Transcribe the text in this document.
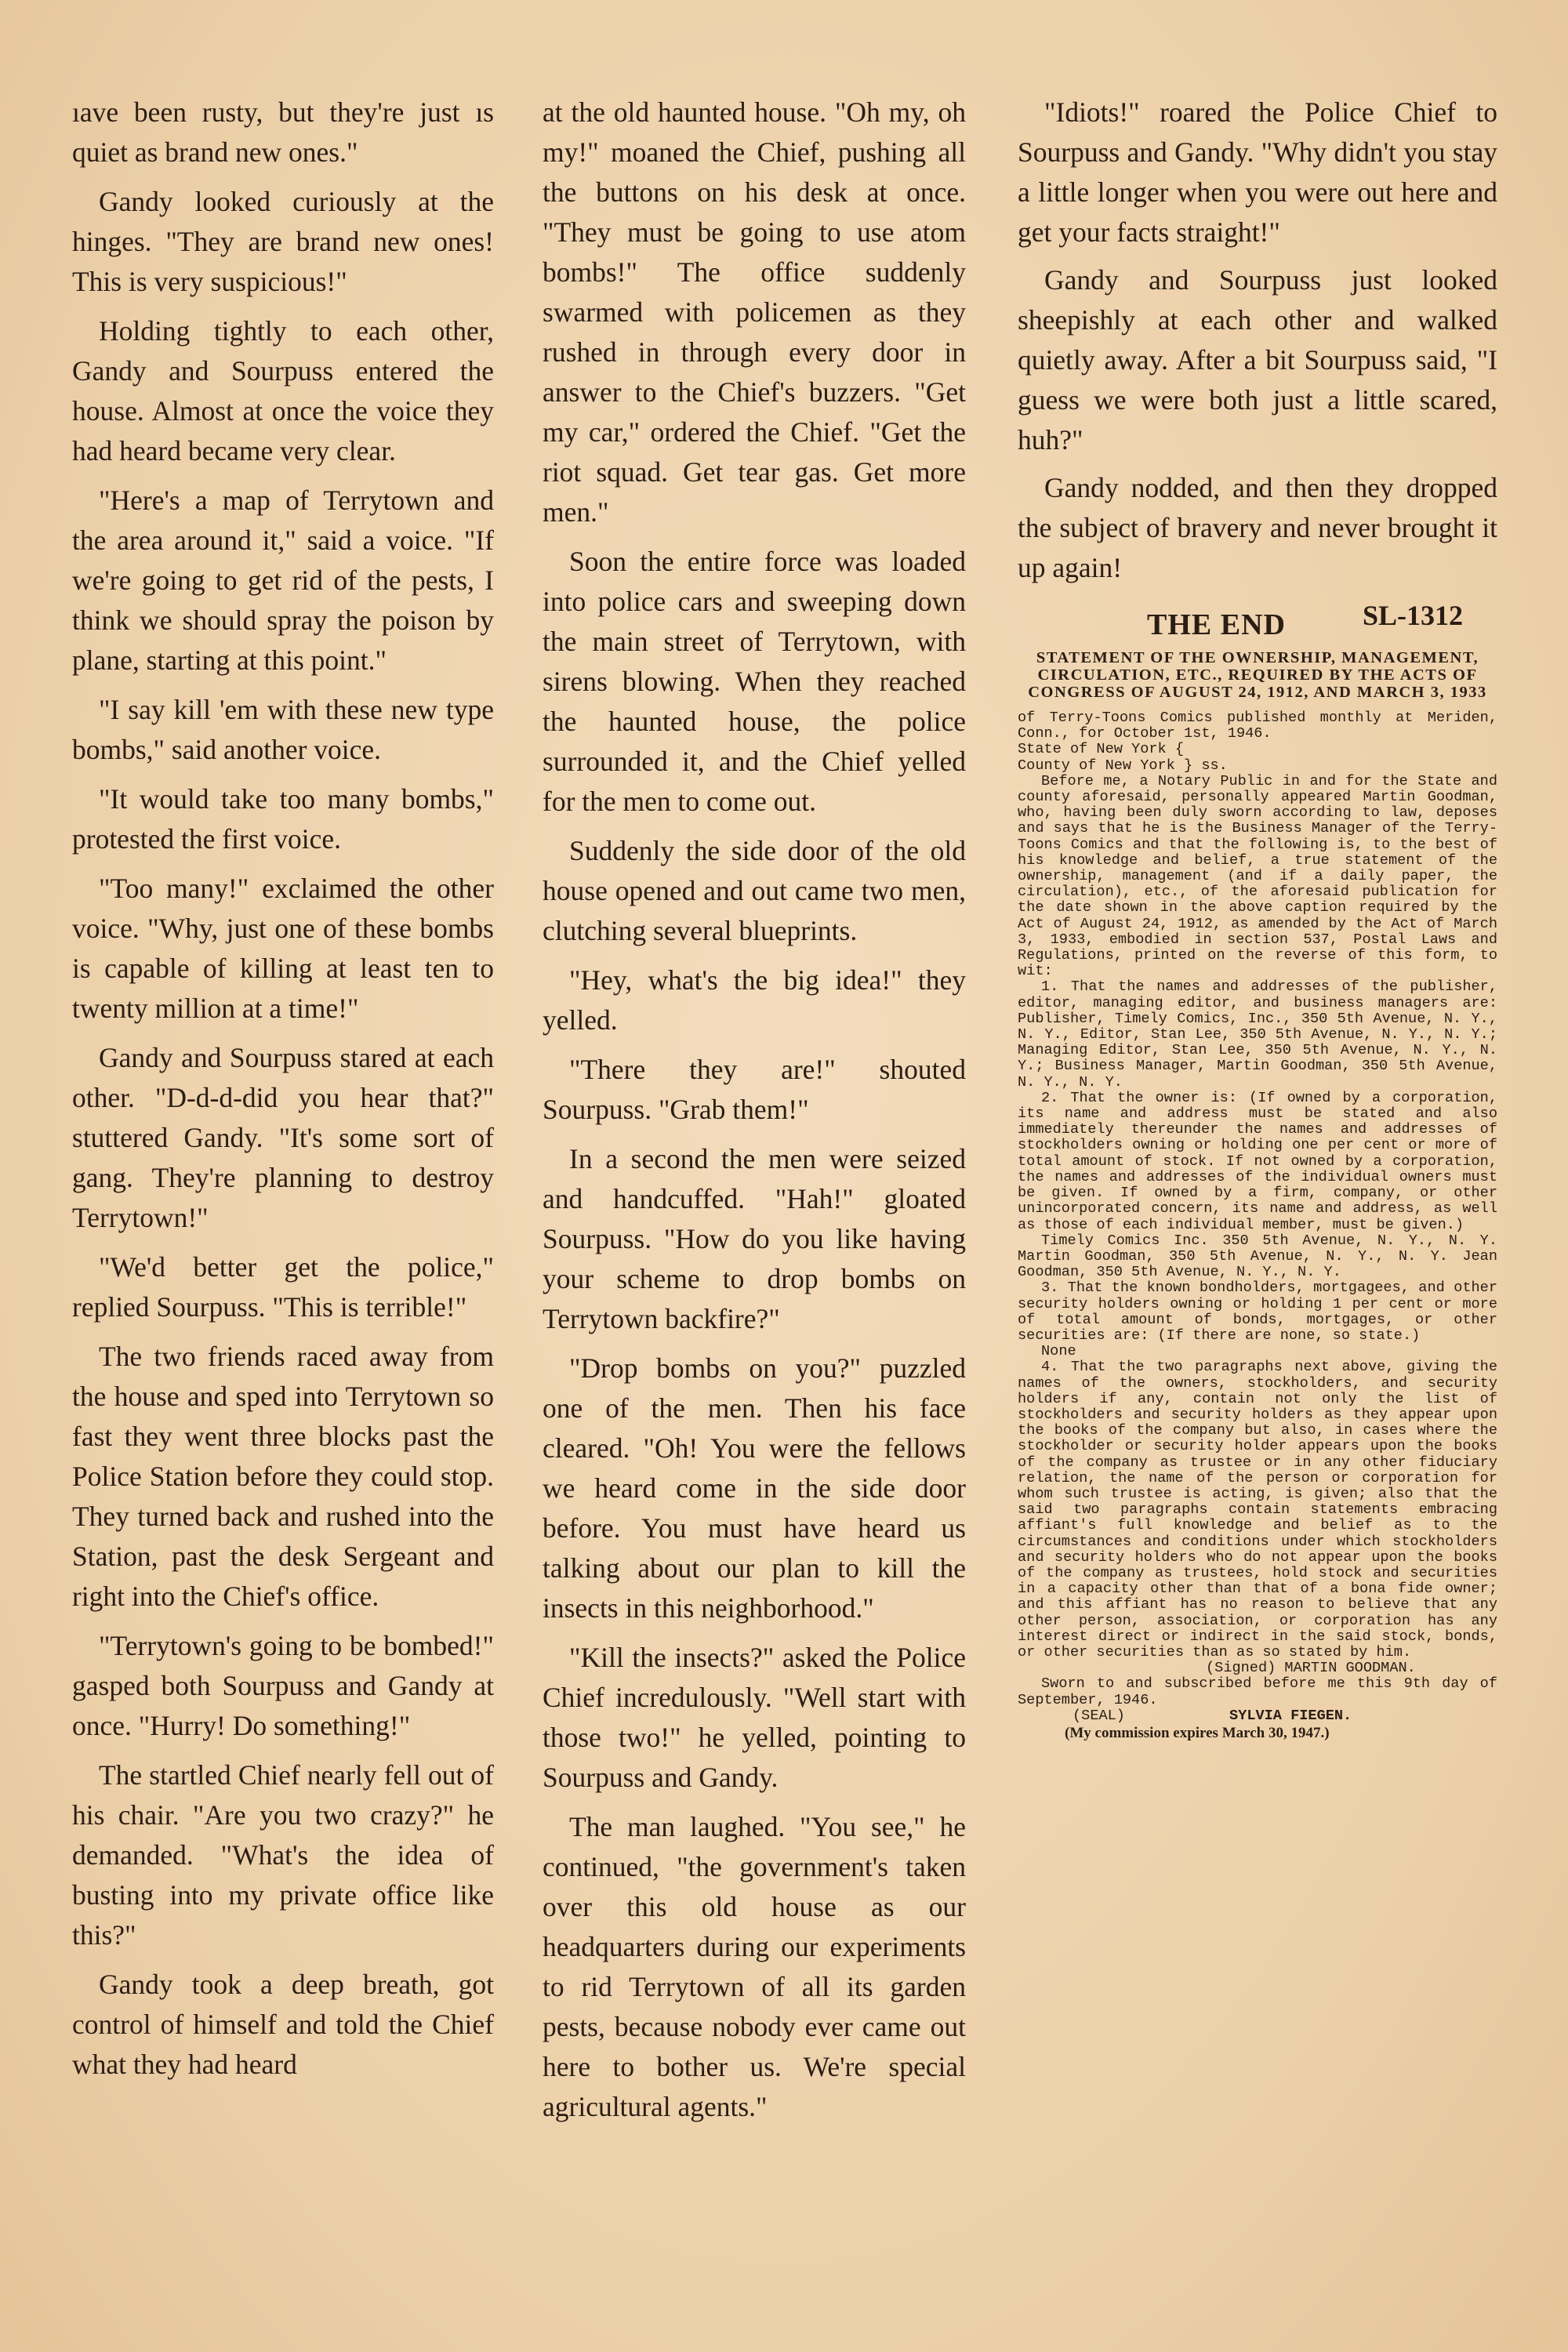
ıave been rusty, but they're just ıs quiet as brand new ones."

Gandy looked curiously at the hinges. "They are brand new ones! This is very suspicious!"

Holding tightly to each other, Gandy and Sourpuss entered the house. Almost at once the voice they had heard became very clear.

"Here's a map of Terrytown and the area around it," said a voice. "If we're going to get rid of the pests, I think we should spray the poison by plane, starting at this point."

"I say kill 'em with these new type bombs," said another voice.

"It would take too many bombs," protested the first voice.

"Too many!" exclaimed the other voice. "Why, just one of these bombs is capable of killing at least ten to twenty million at a time!"

Gandy and Sourpuss stared at each other. "D-d-d-did you hear that?" stuttered Gandy. "It's some sort of gang. They're planning to destroy Terrytown!"

"We'd better get the police," replied Sourpuss. "This is terrible!"

The two friends raced away from the house and sped into Terrytown so fast they went three blocks past the Police Station before they could stop. They turned back and rushed into the Station, past the desk Sergeant and right into the Chief's office.

"Terrytown's going to be bombed!" gasped both Sourpuss and Gandy at once. "Hurry! Do something!"

The startled Chief nearly fell out of his chair. "Are you two crazy?" he demanded. "What's the idea of busting into my private office like this?"

Gandy took a deep breath, got control of himself and told the Chief what they had heard

at the old haunted house. "Oh my, oh my!" moaned the Chief, pushing all the buttons on his desk at once. "They must be going to use atom bombs!" The office suddenly swarmed with policemen as they rushed in through every door in answer to the Chief's buzzers. "Get my car," ordered the Chief. "Get the riot squad. Get tear gas. Get more men."

Soon the entire force was loaded into police cars and sweeping down the main street of Terrytown, with sirens blowing. When they reached the haunted house, the police surrounded it, and the Chief yelled for the men to come out.

Suddenly the side door of the old house opened and out came two men, clutching several blueprints.

"Hey, what's the big idea!" they yelled.

"There they are!" shouted Sourpuss. "Grab them!"

In a second the men were seized and handcuffed. "Hah!" gloated Sourpuss. "How do you like having your scheme to drop bombs on Terrytown backfire?"

"Drop bombs on you?" puzzled one of the men. Then his face cleared. "Oh! You were the fellows we heard come in the side door before. You must have heard us talking about our plan to kill the insects in this neighborhood."

"Kill the insects?" asked the Police Chief incredulously. "Well start with those two!" he yelled, pointing to Sourpuss and Gandy.

The man laughed. "You see," he continued, "the government's taken over this old house as our headquarters during our experiments to rid Terrytown of all its garden pests, because nobody ever came out here to bother us. We're special agricultural agents."

"Idiots!" roared the Police Chief to Sourpuss and Gandy. "Why didn't you stay a little longer when you were out here and get your facts straight!"

Gandy and Sourpuss just looked sheepishly at each other and walked quietly away. After a bit Sourpuss said, "I guess we were both just a little scared, huh?"

Gandy nodded, and then they dropped the subject of bravery and never brought it up again!

THE END	SL-1312
STATEMENT OF THE OWNERSHIP, MANAGEMENT, CIRCULATION, ETC., REQUIRED BY THE ACTS OF CONGRESS OF AUGUST 24, 1912, AND MARCH 3, 1933

of Terry-Toons Comics published monthly at Meriden, Conn., for October 1st, 1946.

State of New York {

County of New York } ss.

Before me, a Notary Public in and for the State and county aforesaid, personally appeared Martin Goodman, who, having been duly sworn according to law, deposes and says that he is the Business Manager of the Terry-Toons Comics and that the following is, to the best of his knowledge and belief, a true statement of the ownership, management (and if a daily paper, the circulation), etc., of the aforesaid publication for the date shown in the above caption required by the Act of August 24, 1912, as amended by the Act of March 3, 1933, embodied in section 537, Postal Laws and Regulations, printed on the reverse of this form, to wit:

1. That the names and addresses of the publisher, editor, managing editor, and business managers are: Publisher, Timely Comics, Inc., 350 5th Avenue, N. Y., N. Y., Editor, Stan Lee, 350 5th Avenue, N. Y., N. Y.; Managing Editor, Stan Lee, 350 5th Avenue, N. Y., N. Y.; Business Manager, Martin Goodman, 350 5th Avenue, N. Y., N. Y.

2. That the owner is: (If owned by a corporation, its name and address must be stated and also immediately thereunder the names and addresses of stockholders owning or holding one per cent or more of total amount of stock. If not owned by a corporation, the names and addresses of the individual owners must be given. If owned by a firm, company, or other unincorporated concern, its name and address, as well as those of each individual member, must be given.)

Timely Comics Inc. 350 5th Avenue, N. Y., N. Y. Martin Goodman, 350 5th Avenue, N. Y., N. Y. Jean Goodman, 350 5th Avenue, N. Y., N. Y.

3. That the known bondholders, mortgagees, and other security holders owning or holding 1 per cent or more of total amount of bonds, mortgages, or other securities are: (If there are none, so state.)

None

4. That the two paragraphs next above, giving the names of the owners, stockholders, and security holders if any, contain not only the list of stockholders and security holders as they appear upon the books of the company but also, in cases where the stockholder or security holder appears upon the books of the company as trustee or in any other fiduciary relation, the name of the person or corporation for whom such trustee is acting, is given; also that the said two paragraphs contain statements embracing affiant's full knowledge and belief as to the circumstances and conditions under which stockholders and security holders who do not appear upon the books of the company as trustees, hold stock and securities in a capacity other than that of a bona fide owner; and this affiant has no reason to believe that any other person, association, or corporation has any interest direct or indirect in the said stock, bonds, or other securities than as so stated by him.

(Signed) MARTIN GOODMAN.

Sworn to and subscribed before me this 9th day of September, 1946.

(SEAL)	SYLVIA FIEGEN.

(My commission expires March 30, 1947.)
